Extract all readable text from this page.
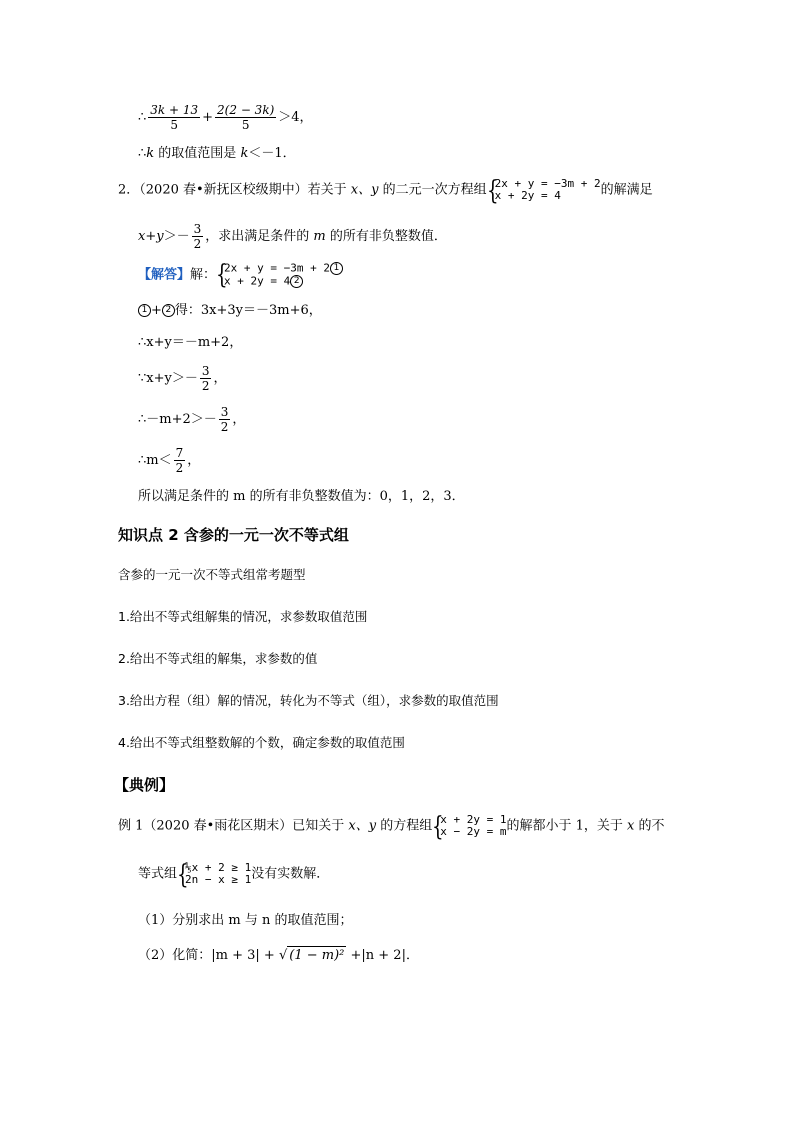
∴ $\frac{3k + 13}{5} + \frac{2(2 - 3k)}{5} >4$，
∴k 的取值范围是 k＜－1．
2．（2020 春•新抚区校级期中）若关于 x、y 的二元一次方程组 {
2x + y = −3m + 2
x + 2y = 4	的解满足
$x+y>- \frac{3}{2}$ ，求出满足条件的 m 的所有非负整数值．
【解答】解： {
2x + y = −3m + 2 1
x + 2y = 4 2
1 + 2 得：3x+3y＝－3m+6，
∴x+y＝－m+2，
∵x+y＞－ $\frac{3}{2}$ ，
∴－m+2＞－ $\frac{3}{2}$ ，
∴m＜ $\frac{7}{2}$ ，
所以满足条件的 m 的所有非负整数值为：0，1，2，3．
知识点 2 含参的一元一次不等式组
含参的一元一次不等式组常考题型
1.给出不等式组解集的情况，求参数取值范围
2.给出不等式组的解集，求参数的值
3.给出方程（组）解的情况，转化为不等式（组），求参数的取值范围
4.给出不等式组整数解的个数，确定参数的取值范围
【典例】
例 1（2020 春•雨花区期末）已知关于 x、y 的方程组 {
x + 2y = 1
x − 2y = m 的解都小于 1，关于 x 的不
等式组 {
⅕x + 2 ≥ 1
2n − x ≥ 1 没有实数解．
（1）分别求出 m 与 n 的取值范围；
（2）化简：|m + 3| + √ (1 − m)² +|n + 2|．
